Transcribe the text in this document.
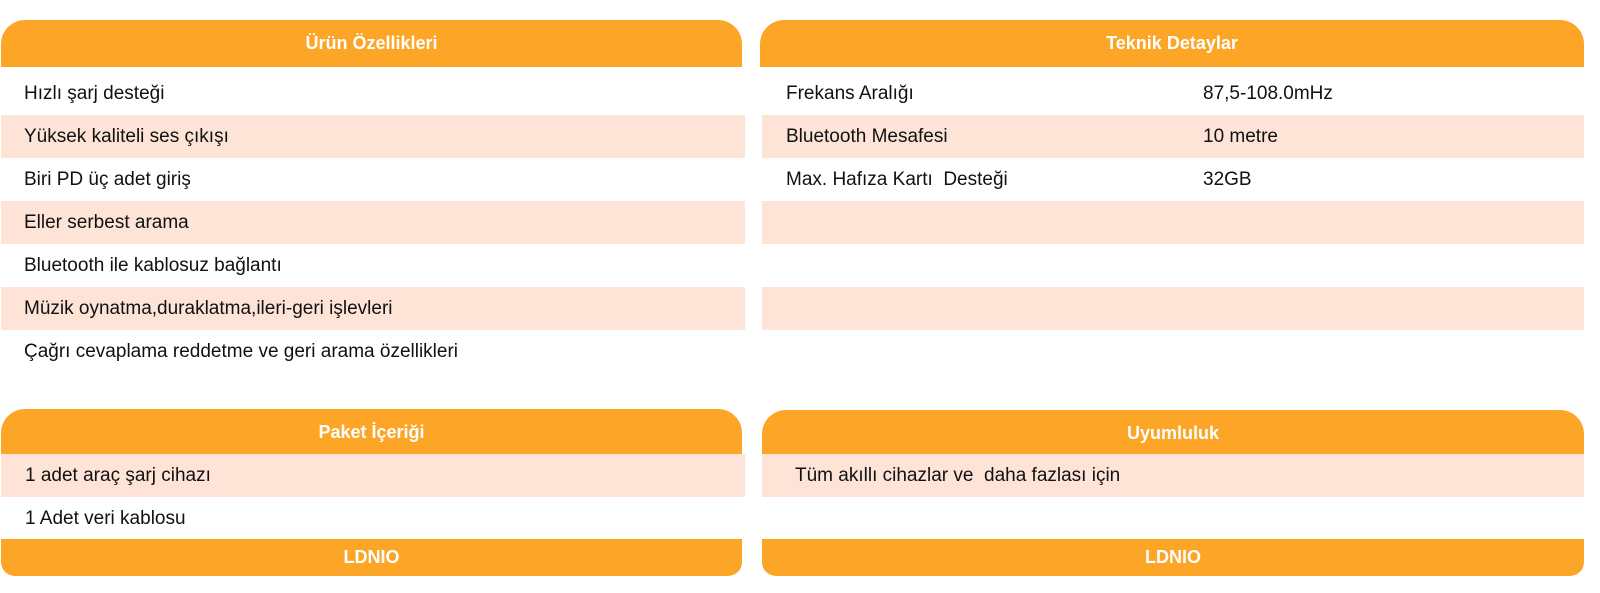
Ürün Özellikleri
Hızlı şarj desteği
Yüksek kaliteli ses çıkışı
Biri PD üç adet giriş
Eller serbest arama
Bluetooth ile kablosuz bağlantı
Müzik oynatma,duraklatma,ileri-geri işlevleri
Çağrı cevaplama reddetme ve geri arama özellikleri
Teknik Detaylar
Frekans Aralığı	87,5-108.0mHz
Bluetooth Mesafesi	10 metre
Max. Hafıza Kartı  Desteği	32GB
Paket İçeriği
1 adet araç şarj cihazı
1 Adet veri kablosu
LDNIO
Uyumluluk
Tüm akıllı cihazlar ve  daha fazlası için
LDNIO
